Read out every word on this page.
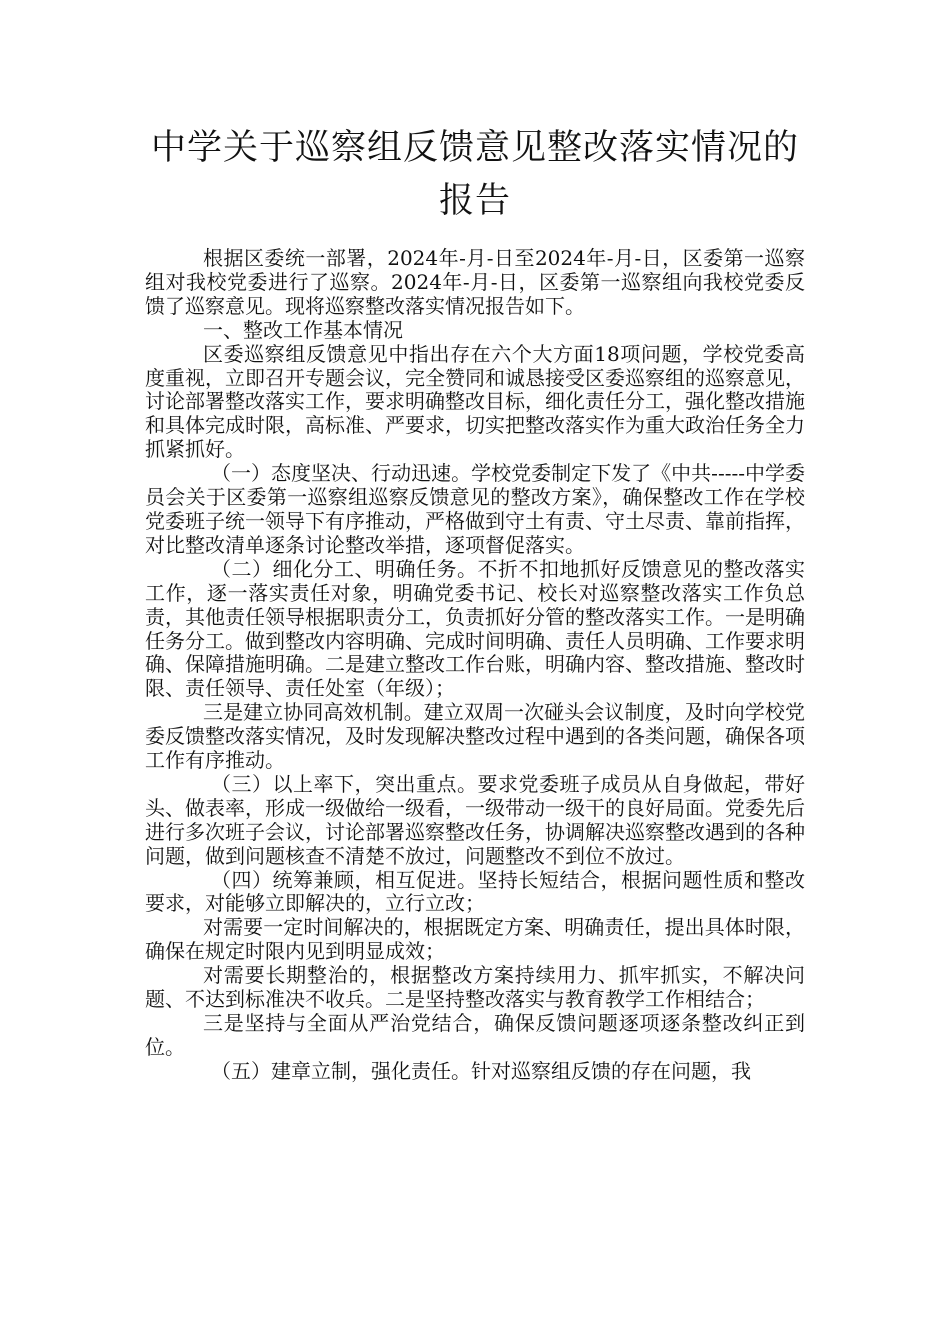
中学关于巡察组反馈意见整改落实情况的
报告

根据区委统一部署，2024年-月-日至2024年-月-日，区委第一巡察组对我校党委进行了巡察。2024年-月-日，区委第一巡察组向我校党委反馈了巡察意见。现将巡察整改落实情况报告如下。

一、整改工作基本情况

区委巡察组反馈意见中指出存在六个大方面18项问题，学校党委高度重视，立即召开专题会议，完全赞同和诚恳接受区委巡察组的巡察意见，讨论部署整改落实工作，要求明确整改目标，细化责任分工，强化整改措施和具体完成时限，高标准、严要求，切实把整改落实作为重大政治任务全力抓紧抓好。

（一）态度坚决、行动迅速。学校党委制定下发了《中共-----中学委员会关于区委第一巡察组巡察反馈意见的整改方案》，确保整改工作在学校党委班子统一领导下有序推动，严格做到守土有责、守土尽责、靠前指挥，对比整改清单逐条讨论整改举措，逐项督促落实。

（二）细化分工、明确任务。不折不扣地抓好反馈意见的整改落实工作，逐一落实责任对象，明确党委书记、校长对巡察整改落实工作负总责，其他责任领导根据职责分工，负责抓好分管的整改落实工作。一是明确任务分工。做到整改内容明确、完成时间明确、责任人员明确、工作要求明确、保障措施明确。二是建立整改工作台账，明确内容、整改措施、整改时限、责任领导、责任处室（年级）；

三是建立协同高效机制。建立双周一次碰头会议制度，及时向学校党委反馈整改落实情况，及时发现解决整改过程中遇到的各类问题，确保各项工作有序推动。

（三）以上率下，突出重点。要求党委班子成员从自身做起，带好头、做表率，形成一级做给一级看，一级带动一级干的良好局面。党委先后进行多次班子会议，讨论部署巡察整改任务，协调解决巡察整改遇到的各种问题，做到问题核查不清楚不放过，问题整改不到位不放过。

（四）统筹兼顾，相互促进。坚持长短结合，根据问题性质和整改要求，对能够立即解决的，立行立改；

对需要一定时间解决的，根据既定方案、明确责任，提出具体时限，确保在规定时限内见到明显成效；

对需要长期整治的，根据整改方案持续用力、抓牢抓实，不解决问题、不达到标准决不收兵。二是坚持整改落实与教育教学工作相结合；

三是坚持与全面从严治党结合，确保反馈问题逐项逐条整改纠正到位。

（五）建章立制，强化责任。针对巡察组反馈的存在问题，我
